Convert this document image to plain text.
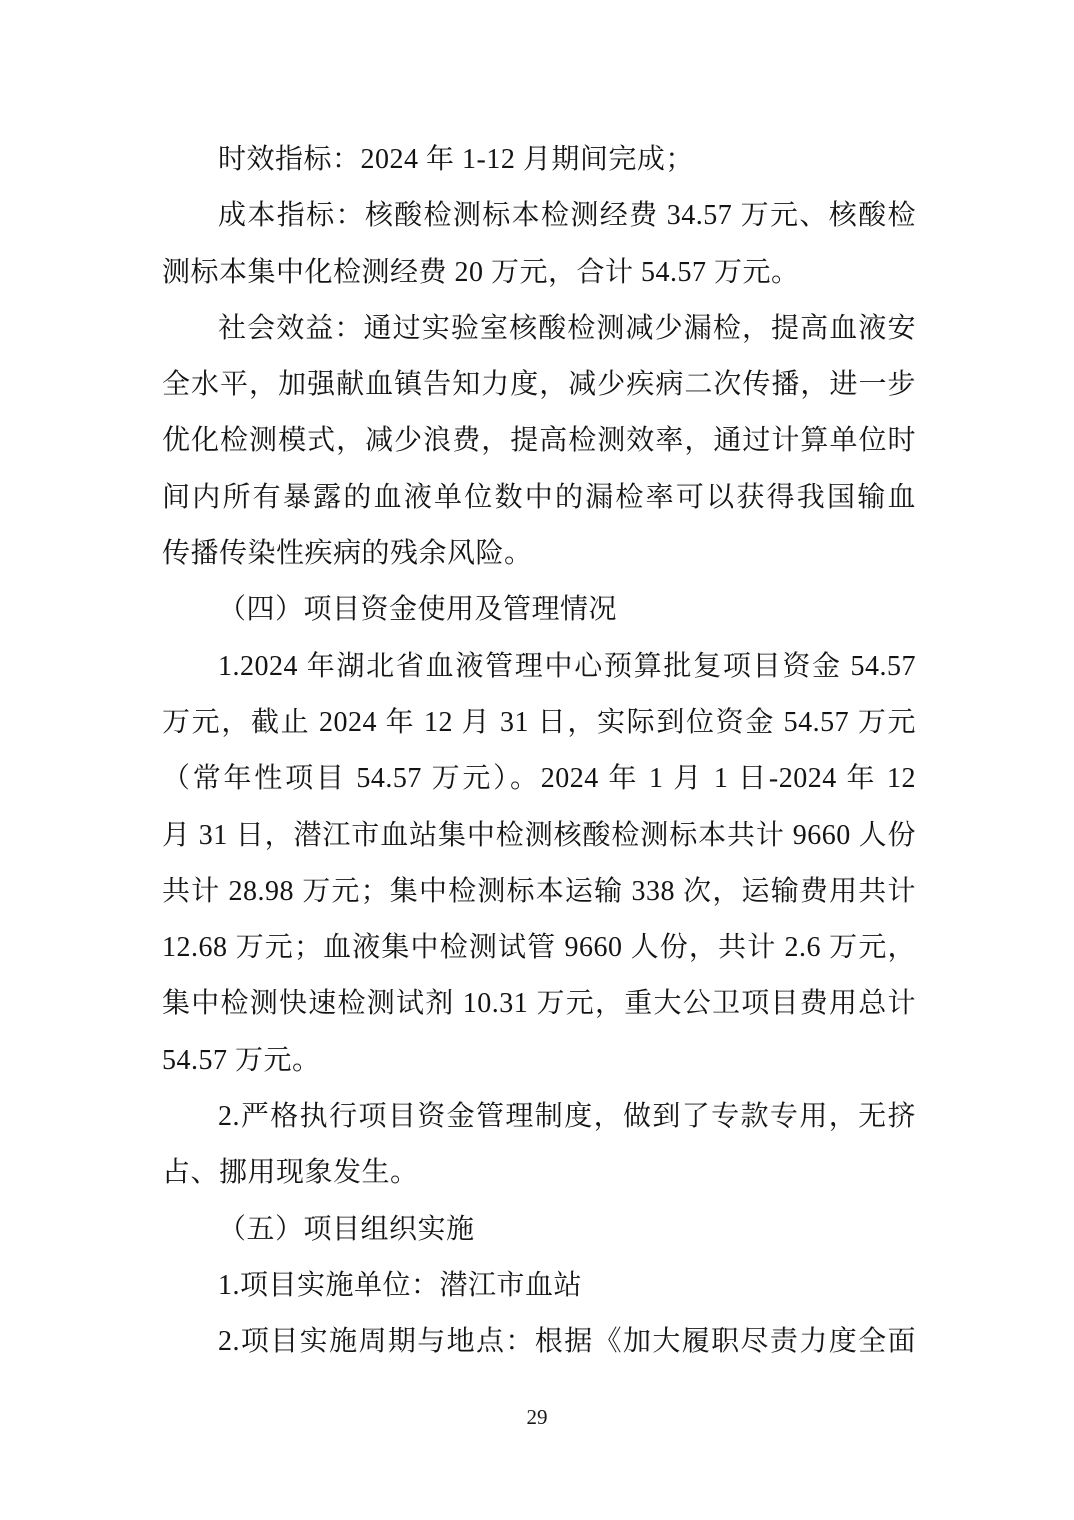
时效指标：2024 年 1-12 月期间完成；
成本指标：核酸检测标本检测经费 34.57 万元、核酸检
测标本集中化检测经费 20 万元，合计 54.57 万元。
社会效益：通过实验室核酸检测减少漏检，提高血液安
全水平，加强献血镇告知力度，减少疾病二次传播，进一步
优化检测模式，减少浪费，提高检测效率，通过计算单位时
间内所有暴露的血液单位数中的漏检率可以获得我国输血
传播传染性疾病的残余风险。
（四）项目资金使用及管理情况
1.2024 年湖北省血液管理中心预算批复项目资金 54.57
万元，截止 2024 年 12 月 31 日，实际到位资金 54.57 万元
（常年性项目 54.57 万元）。2024 年 1 月 1 日-2024 年 12
月 31 日，潜江市血站集中检测核酸检测标本共计 9660 人份
共计 28.98 万元；集中检测标本运输 338 次，运输费用共计
12.68 万元；血液集中检测试管 9660 人份，共计 2.6 万元，
集中检测快速检测试剂 10.31 万元，重大公卫项目费用总计
54.57 万元。
2.严格执行项目资金管理制度，做到了专款专用，无挤
占、挪用现象发生。
（五）项目组织实施
1.项目实施单位：潜江市血站
2.项目实施周期与地点：根据《加大履职尽责力度全面
29
